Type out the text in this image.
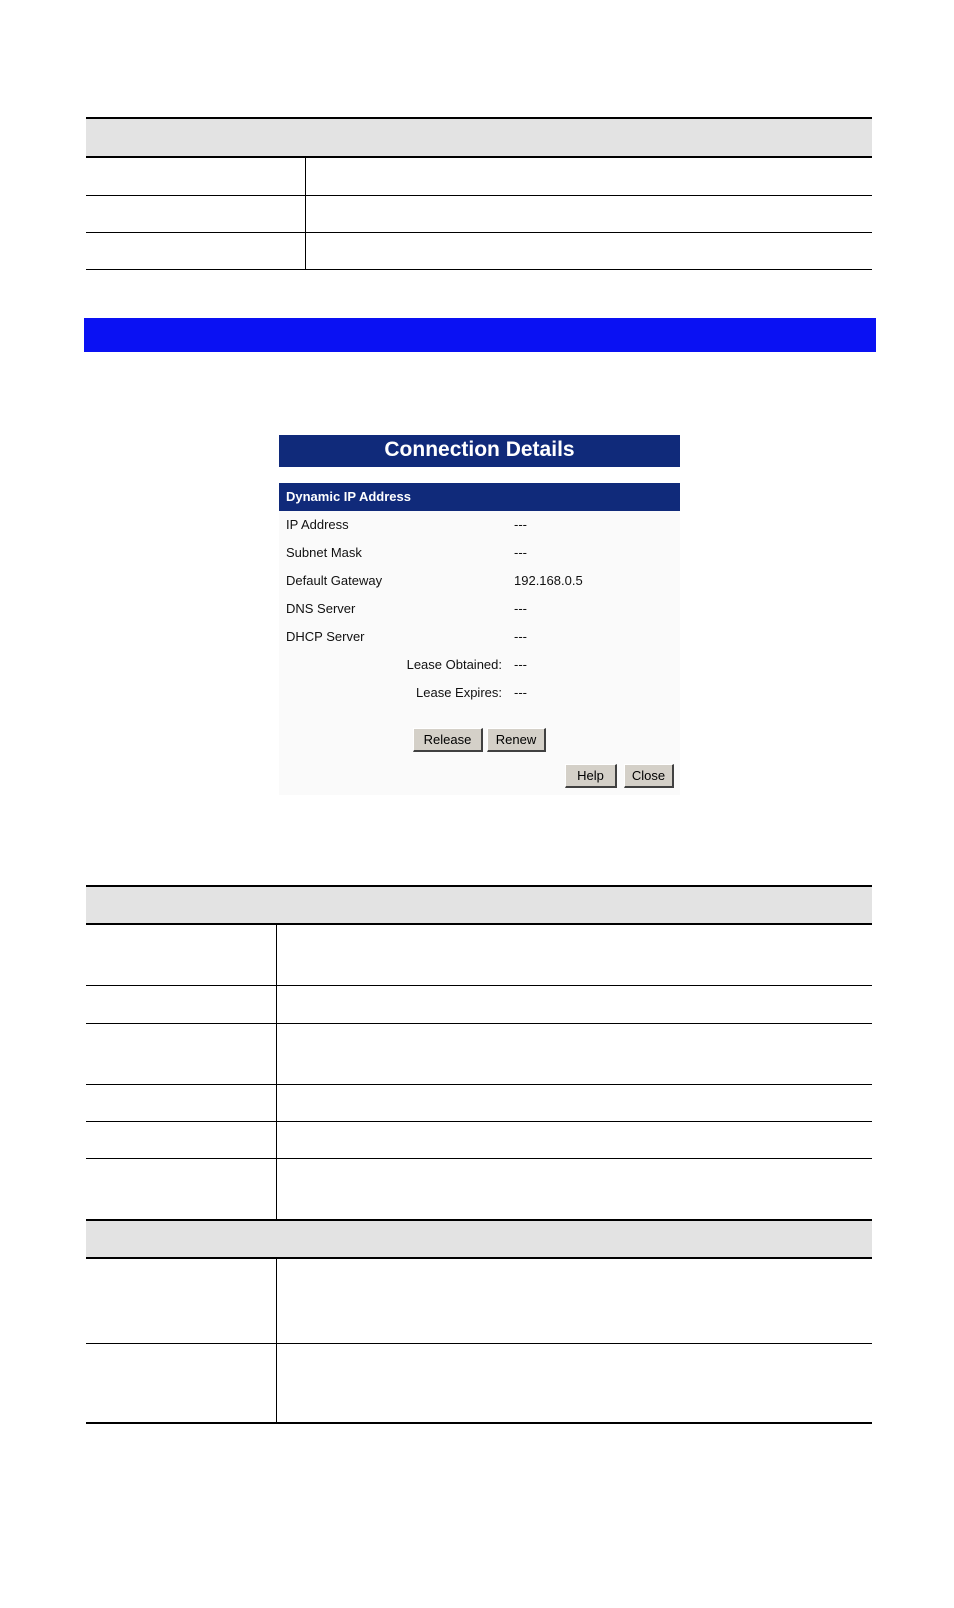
Connection Details
Dynamic IP Address
IP Address	---
Subnet Mask	---
Default Gateway	192.168.0.5
DNS Server	---
DHCP Server	---
Lease Obtained: ---
Lease Expires: ---
Release	Renew
Help	Close
